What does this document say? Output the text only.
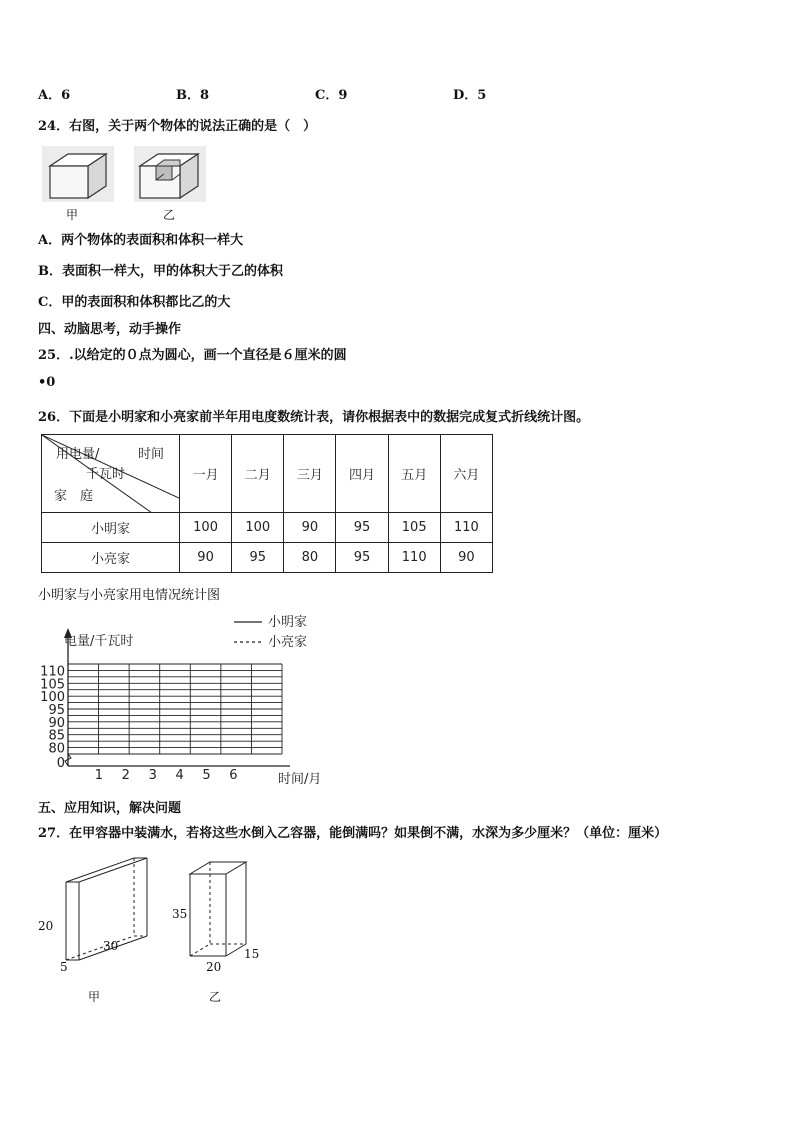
A．6	B．8	C．9	D．5
24．右图，关于两个物体的说法正确的是（　）
甲	乙
A．两个物体的表面积和体积一样大
B．表面积一样大，甲的体积大于乙的体积
C．甲的表面积和体积都比乙的大
四、动脑思考，动手操作
25．.以给定的０点为圆心，画一个直径是６厘米的圆
•0
26．下面是小明家和小亮家前半年用电度数统计表，请你根据表中的数据完成复式折线统计图。
时间
用电量/
千瓦时
家　庭	一月	二月	三月	四月	五月	六月
小明家	100	100	90	95	105	110
小亮家	90	95	80	95	110	90
小明家与小亮家用电情况统计图
0
80
85
90
95
100
105
110
1 2 3 4 5 6
小明家
小亮家
电量/千瓦时
时间/月
五、应用知识，解决问题
27．在甲容器中装满水，若将这些水倒入乙容器，能倒满吗？如果倒不满，水深为多少厘米？（单位：厘米）
20
30
5
甲
35
20
15
乙
